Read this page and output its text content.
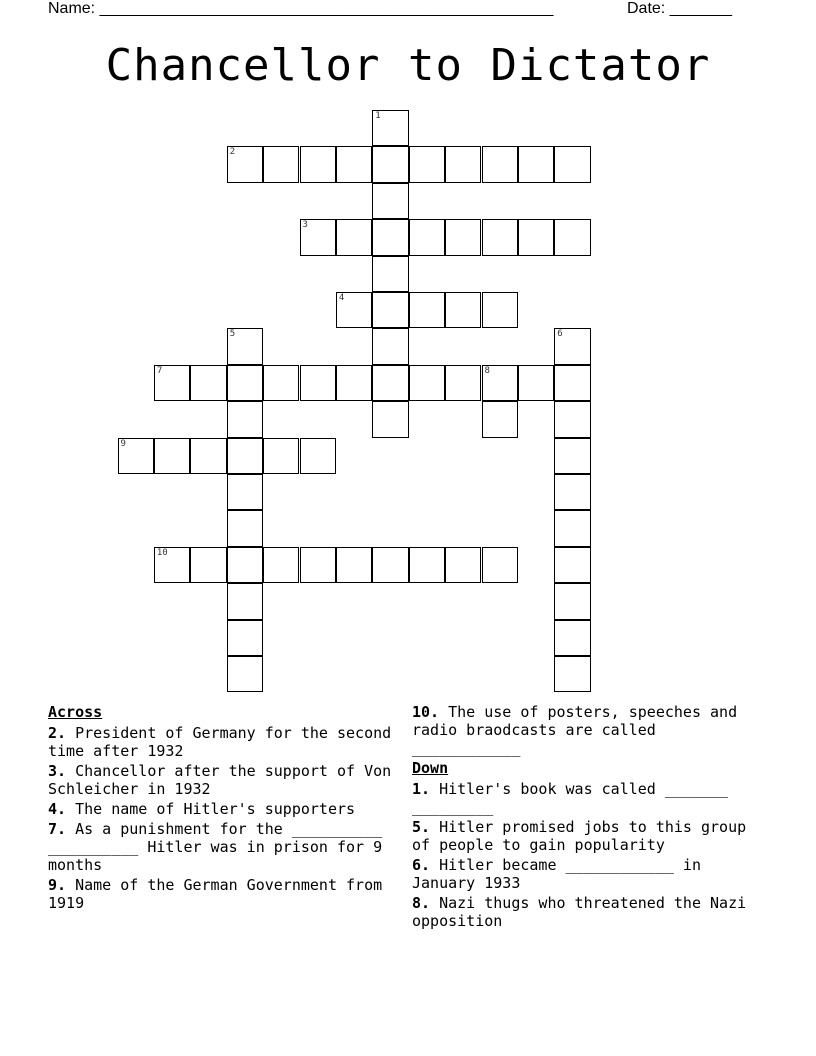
Name: ___________________________________________________	Date: _______
Chancellor to Dictator
1
2
3
4
5	6
7	8
9
10
Across
2. President of Germany for the second time after 1932
3. Chancellor after the support of Von Schleicher in 1932
4. The name of Hitler's supporters
7. As a punishment for the __________ __________ Hitler was in prison for 9 months
9. Name of the German Government from 1919
10. The use of posters, speeches and radio braodcasts are called ____________
Down
1. Hitler's book was called _______ _________
5. Hitler promised jobs to this group of people to gain popularity
6. Hitler became ____________ in January 1933
8. Nazi thugs who threatened the Nazi opposition
